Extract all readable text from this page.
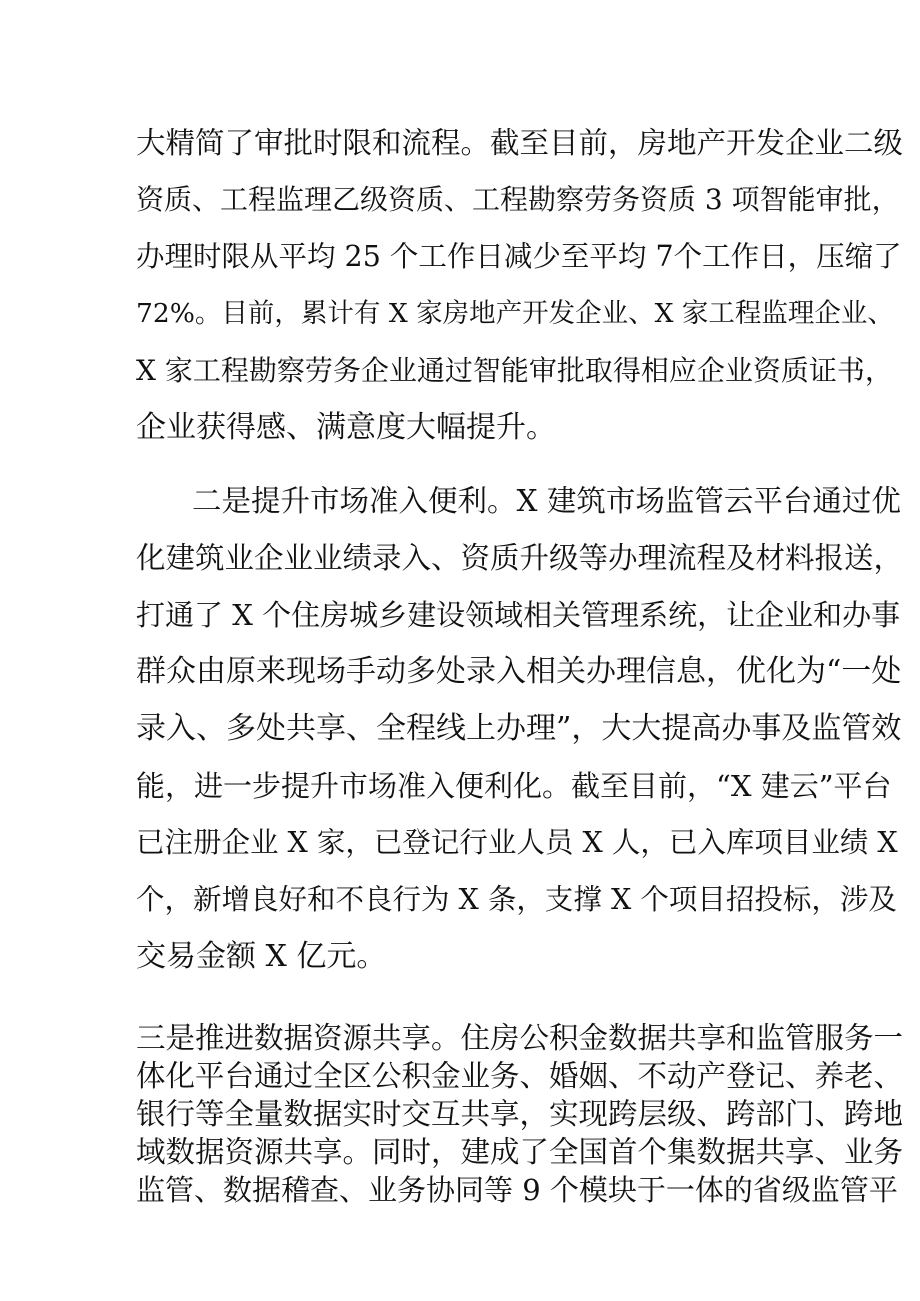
大精简了审批时限和流程。截至目前，房地产开发企业二级
资质、工程监理乙级资质、工程勘察劳务资质 3 项智能审批，
办理时限从平均 25 个工作日减少至平均 7个工作日，压缩了
72%。目前，累计有 X 家房地产开发企业、X 家工程监理企业、
X 家工程勘察劳务企业通过智能审批取得相应企业资质证书，
企业获得感、满意度大幅提升。
二是提升市场准入便利。X 建筑市场监管云平台通过优
化建筑业企业业绩录入、资质升级等办理流程及材料报送，
打通了 X 个住房城乡建设领域相关管理系统，让企业和办事
群众由原来现场手动多处录入相关办理信息，优化为“一处
录入、多处共享、全程线上办理”，大大提高办事及监管效
能，进一步提升市场准入便利化。截至目前，“X 建云”平台
已注册企业 X 家，已登记行业人员 X 人，已入库项目业绩 X
个，新增良好和不良行为 X 条，支撑 X 个项目招投标，涉及
交易金额 X 亿元。
三是推进数据资源共享。住房公积金数据共享和监管服务一
体化平台通过全区公积金业务、婚姻、不动产登记、养老、
银行等全量数据实时交互共享，实现跨层级、跨部门、跨地
域数据资源共享。同时，建成了全国首个集数据共享、业务
监管、数据稽查、业务协同等 9 个模块于一体的省级监管平
